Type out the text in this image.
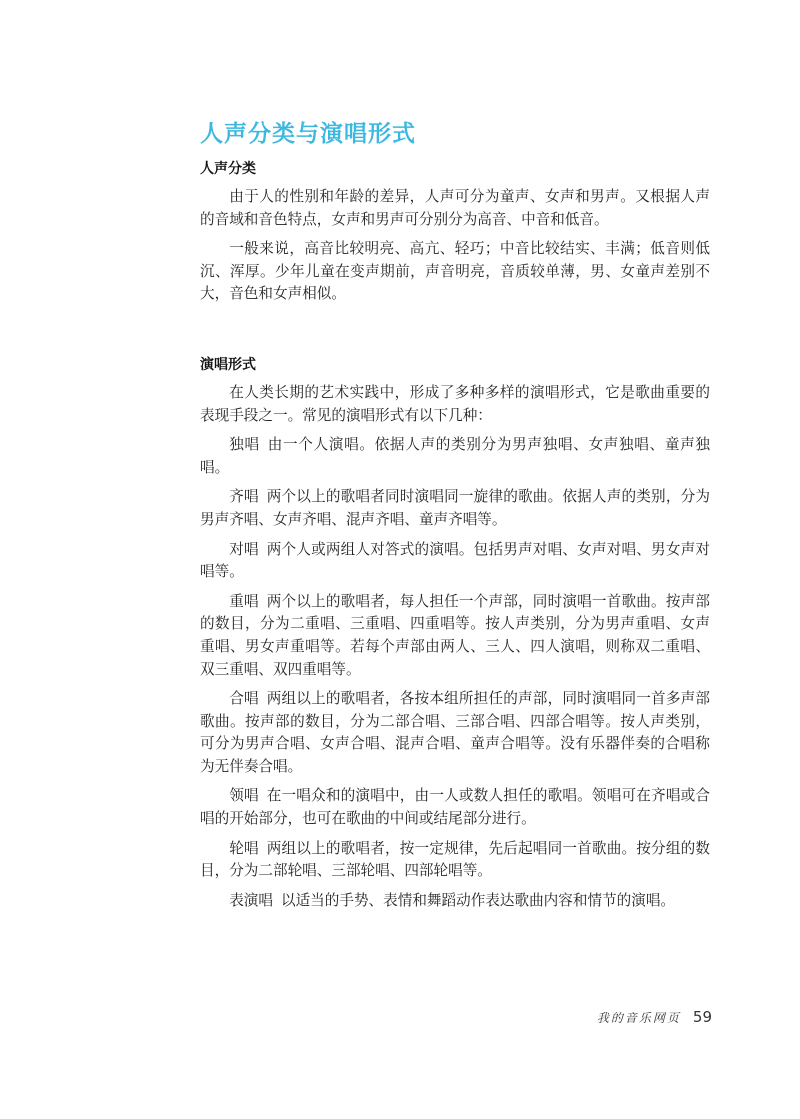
人声分类与演唱形式
人声分类

由于人的性别和年龄的差异，人声可分为童声、女声和男声。又根据人声的音域和音色特点，女声和男声可分别分为高音、中音和低音。

一般来说，高音比较明亮、高亢、轻巧；中音比较结实、丰满；低音则低沉、浑厚。少年儿童在变声期前，声音明亮，音质较单薄，男、女童声差别不大，音色和女声相似。

演唱形式

在人类长期的艺术实践中，形成了多种多样的演唱形式，它是歌曲重要的表现手段之一。常见的演唱形式有以下几种：

独唱 由一个人演唱。依据人声的类别分为男声独唱、女声独唱、童声独唱。

齐唱 两个以上的歌唱者同时演唱同一旋律的歌曲。依据人声的类别，分为男声齐唱、女声齐唱、混声齐唱、童声齐唱等。

对唱 两个人或两组人对答式的演唱。包括男声对唱、女声对唱、男女声对唱等。

重唱 两个以上的歌唱者，每人担任一个声部，同时演唱一首歌曲。按声部的数目，分为二重唱、三重唱、四重唱等。按人声类别，分为男声重唱、女声重唱、男女声重唱等。若每个声部由两人、三人、四人演唱，则称双二重唱、双三重唱、双四重唱等。

合唱 两组以上的歌唱者，各按本组所担任的声部，同时演唱同一首多声部歌曲。按声部的数目，分为二部合唱、三部合唱、四部合唱等。按人声类别，可分为男声合唱、女声合唱、混声合唱、童声合唱等。没有乐器伴奏的合唱称为无伴奏合唱。

领唱 在一唱众和的演唱中，由一人或数人担任的歌唱。领唱可在齐唱或合唱的开始部分，也可在歌曲的中间或结尾部分进行。

轮唱 两组以上的歌唱者，按一定规律，先后起唱同一首歌曲。按分组的数目，分为二部轮唱、三部轮唱、四部轮唱等。

表演唱 以适当的手势、表情和舞蹈动作表达歌曲内容和情节的演唱。

我的音乐网页 59
